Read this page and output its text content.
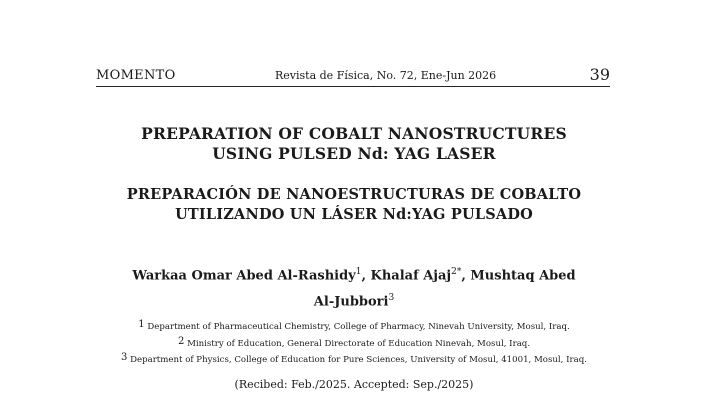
MOMENTO	Revista de Física, No. 72, Ene-Jun 2026	39
PREPARATION OF COBALT NANOSTRUCTURES
USING PULSED Nd: YAG LASER
PREPARACIÓN DE NANOESTRUCTURAS DE COBALTO
UTILIZANDO UN LÁSER Nd:YAG PULSADO
Warkaa Omar Abed Al-Rashidy$^1$, Khalaf Ajaj$^{2*}$, Mushtaq Abed
Al-Jubbori$^3$
$^1$ Department of Pharmaceutical Chemistry, College of Pharmacy, Ninevah University, Mosul, Iraq.
$^2$ Ministry of Education, General Directorate of Education Ninevah, Mosul, Iraq.
$^3$ Department of Physics, College of Education for Pure Sciences, University of Mosul, 41001, Mosul, Iraq.
(Recibed: Feb./2025. Accepted: Sep./2025)
